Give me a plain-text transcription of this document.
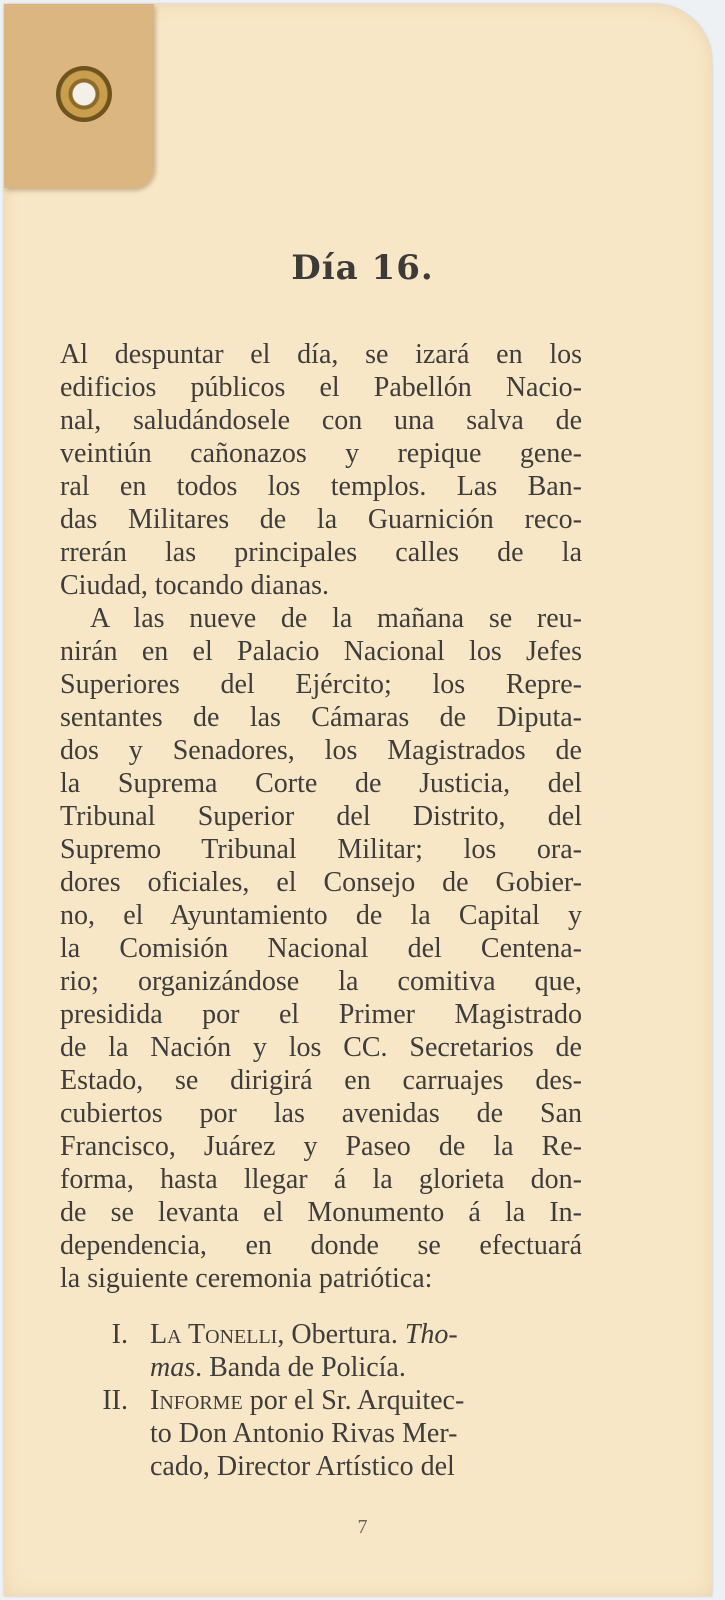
Día 16.

Al despuntar el día, se izará en los
edificios públicos el Pabellón Nacio-
nal, saludándosele con una salva de
veintiún cañonazos y repique gene-
ral en todos los templos. Las Ban-
das Militares de la Guarnición reco-
rrerán las principales calles de la
Ciudad, tocando dianas.

A las nueve de la mañana se reu-
nirán en el Palacio Nacional los Jefes
Superiores del Ejército; los Repre-
sentantes de las Cámaras de Diputa-
dos y Senadores, los Magistrados de
la Suprema Corte de Justicia, del
Tribunal Superior del Distrito, del
Supremo Tribunal Militar; los ora-
dores oficiales, el Consejo de Gobier-
no, el Ayuntamiento de la Capital y
la Comisión Nacional del Centena-
rio; organizándose la comitiva que,
presidida por el Primer Magistrado
de la Nación y los CC. Secretarios de
Estado, se dirigirá en carruajes des-
cubiertos por las avenidas de San
Francisco, Juárez y Paseo de la Re-
forma, hasta llegar á la glorieta don-
de se levanta el Monumento á la In-
dependencia, en donde se efectuará
la siguiente ceremonia patriótica:

I. La Tonelli, Obertura. Tho-
mas. Banda de Policía.
II. Informe por el Sr. Arquitec-
to Don Antonio Rivas Mer-
cado, Director Artístico del
7
